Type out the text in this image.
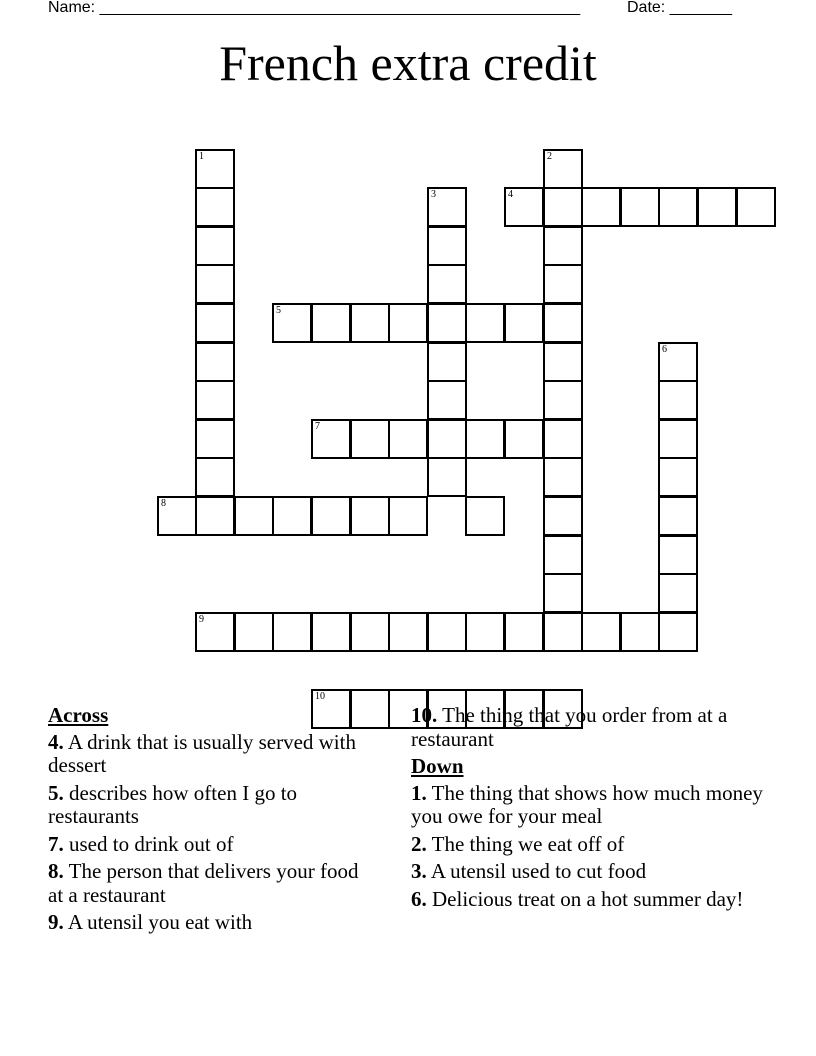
Name: ______________________________________________________	Date: _______
French extra credit
1	2
3	4
5
6
7
8
9
10
Across
4. A drink that is usually served with dessert
5. describes how often I go to restaurants
7. used to drink out of
8. The person that delivers your food at a restaurant
9. A utensil you eat with
10. The thing that you order from at a restaurant
Down
1. The thing that shows how much money you owe for your meal
2. The thing we eat off of
3. A utensil used to cut food
6. Delicious treat on a hot summer day!
